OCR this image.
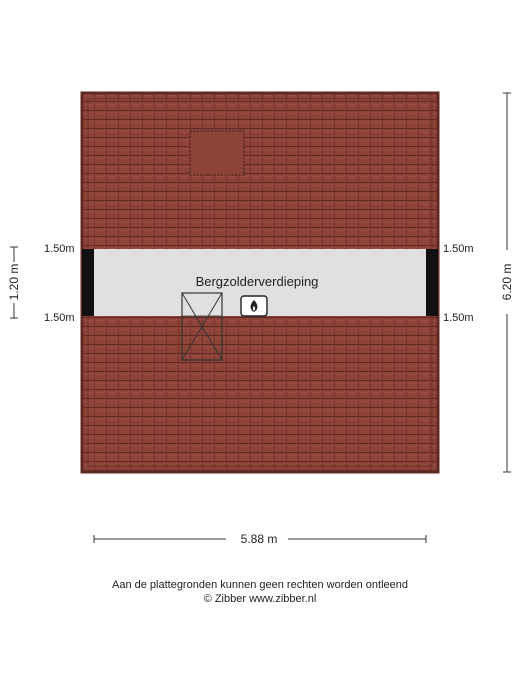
Bergzolderverdieping
1.50m
1.50m
1.50m
1.50m
1.20 m	6.20 m
5.88 m
Aan de plattegronden kunnen geen rechten worden ontleend
© Zibber www.zibber.nl
